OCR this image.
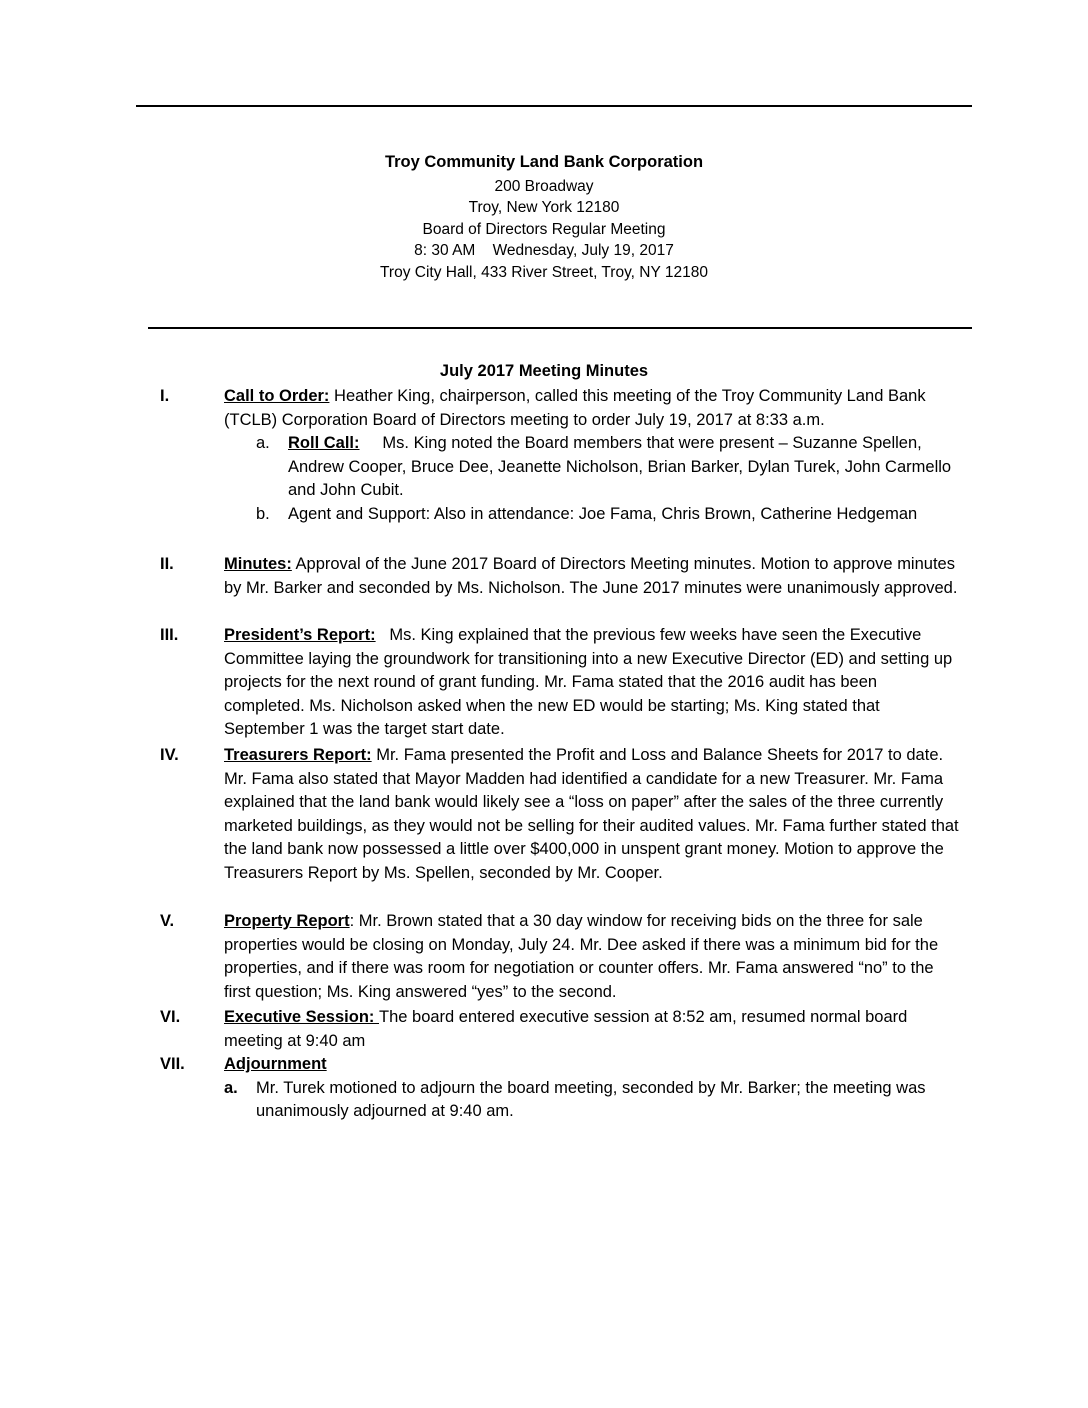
Troy Community Land Bank Corporation
200 Broadway
Troy, New York 12180
Board of Directors Regular Meeting
8: 30 AM    Wednesday, July 19, 2017
Troy City Hall, 433 River Street, Troy, NY 12180
July 2017 Meeting Minutes
I.	Call to Order: Heather King, chairperson, called this meeting of the Troy Community Land Bank (TCLB) Corporation Board of Directors meeting to order July 19, 2017 at 8:33 a.m.
a. Roll Call:     Ms. King noted the Board members that were present – Suzanne Spellen, Andrew Cooper, Bruce Dee, Jeanette Nicholson, Brian Barker, Dylan Turek, John Carmello and John Cubit.
b. Agent and Support: Also in attendance: Joe Fama, Chris Brown, Catherine Hedgeman
II.	Minutes: Approval of the June 2017 Board of Directors Meeting minutes. Motion to approve minutes by Mr. Barker and seconded by Ms. Nicholson. The June 2017 minutes were unanimously approved.
III.	President’s Report:   Ms. King explained that the previous few weeks have seen the Executive Committee laying the groundwork for transitioning into a new Executive Director (ED) and setting up projects for the next round of grant funding. Mr. Fama stated that the 2016 audit has been completed. Ms. Nicholson asked when the new ED would be starting; Ms. King stated that September 1 was the target start date.
IV.	Treasurers Report: Mr. Fama presented the Profit and Loss and Balance Sheets for 2017 to date. Mr. Fama also stated that Mayor Madden had identified a candidate for a new Treasurer. Mr. Fama explained that the land bank would likely see a “loss on paper” after the sales of the three currently marketed buildings, as they would not be selling for their audited values. Mr. Fama further stated that the land bank now possessed a little over $400,000 in unspent grant money. Motion to approve the Treasurers Report by Ms. Spellen, seconded by Mr. Cooper.
V.	Property Report: Mr. Brown stated that a 30 day window for receiving bids on the three for sale properties would be closing on Monday, July 24. Mr. Dee asked if there was a minimum bid for the properties, and if there was room for negotiation or counter offers. Mr. Fama answered “no” to the first question; Ms. King answered “yes” to the second.
VI.	Executive Session: The board entered executive session at 8:52 am, resumed normal board meeting at 9:40 am
VII. Adjournment
a. Mr. Turek motioned to adjourn the board meeting, seconded by Mr. Barker; the meeting was unanimously adjourned at 9:40 am.
